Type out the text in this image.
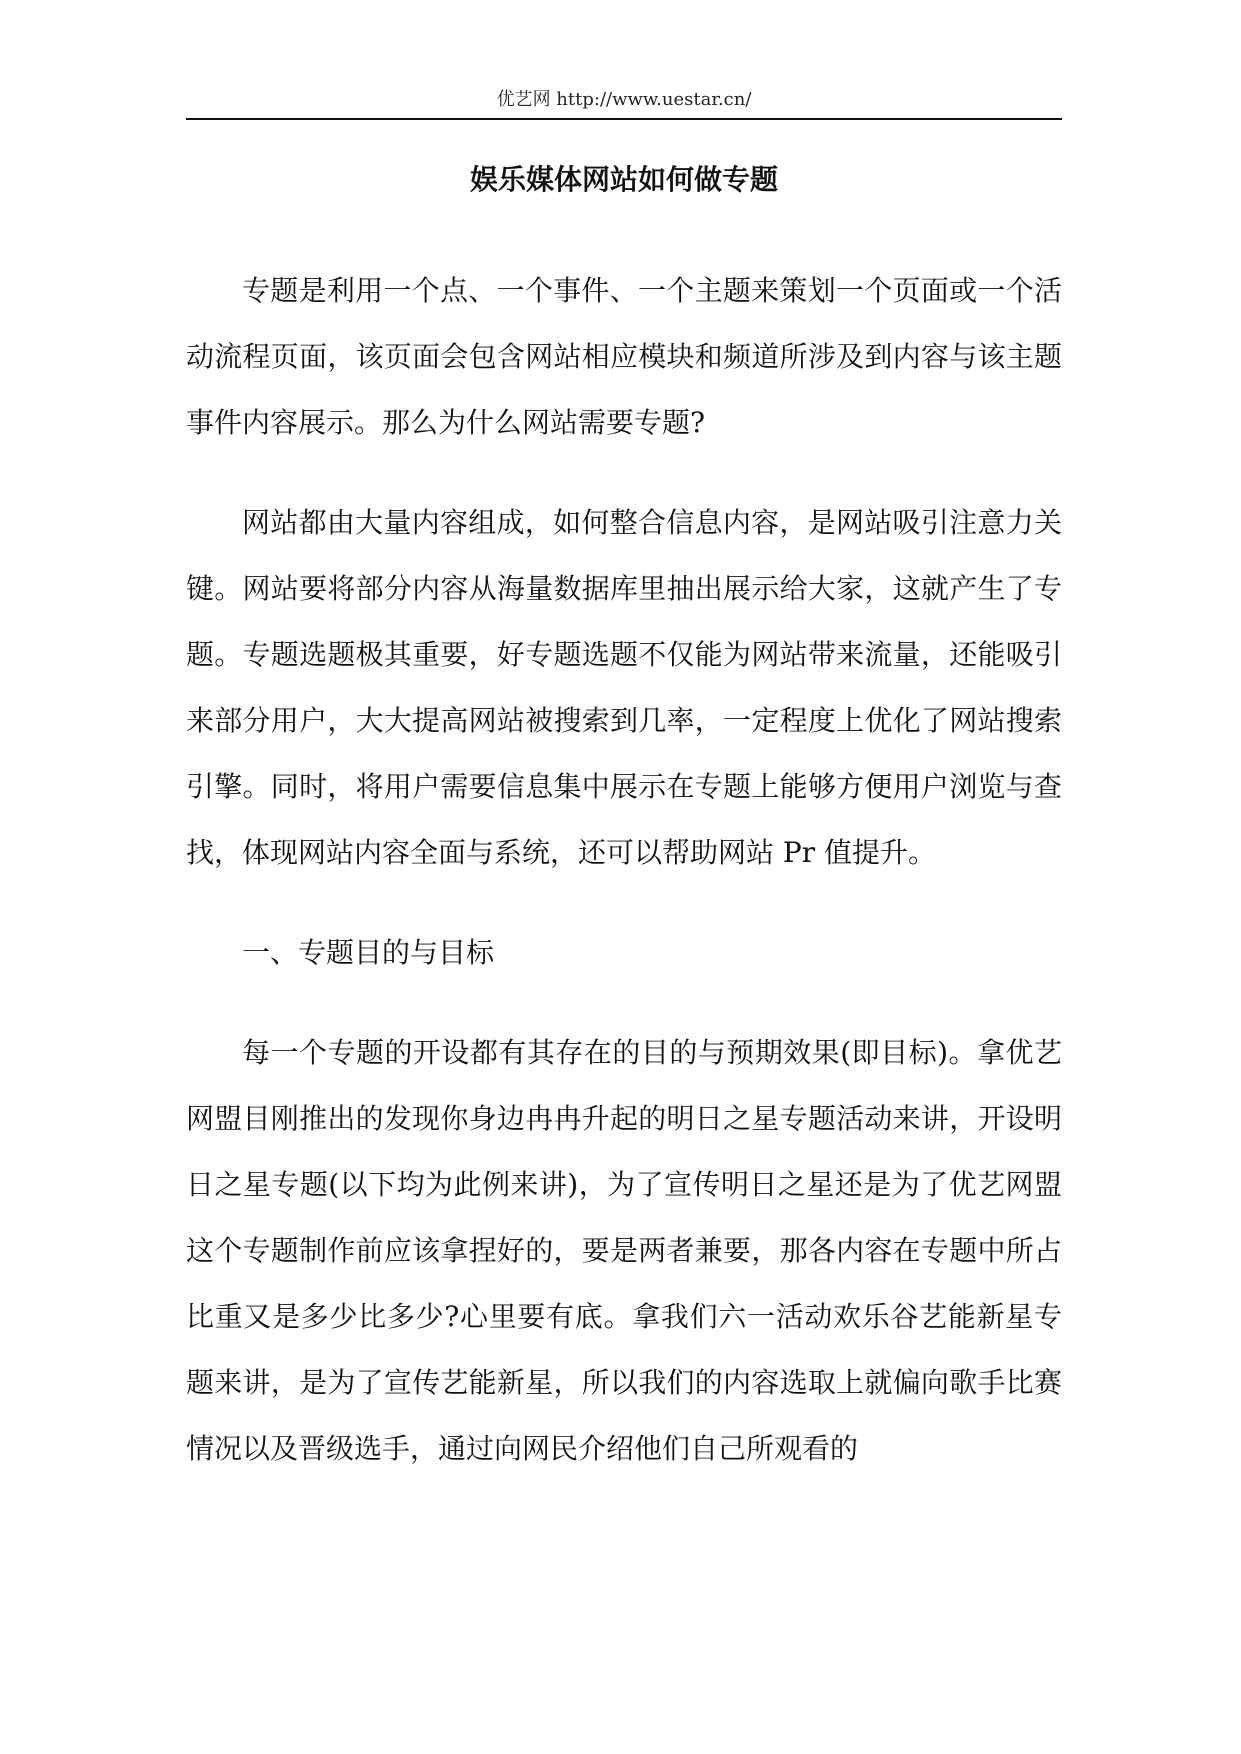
优艺网 http://www.uestar.cn/
娱乐媒体网站如何做专题

专题是利用一个点、一个事件、一个主题来策划一个页面或一个活动流程页面，该页面会包含网站相应模块和频道所涉及到内容与该主题事件内容展示。那么为什么网站需要专题?

网站都由大量内容组成，如何整合信息内容，是网站吸引注意力关键。网站要将部分内容从海量数据库里抽出展示给大家，这就产生了专题。专题选题极其重要，好专题选题不仅能为网站带来流量，还能吸引来部分用户，大大提高网站被搜索到几率，一定程度上优化了网站搜索引擎。同时，将用户需要信息集中展示在专题上能够方便用户浏览与查找，体现网站内容全面与系统，还可以帮助网站 Pr 值提升。

一、专题目的与目标

每一个专题的开设都有其存在的目的与预期效果(即目标)。拿优艺网盟目刚推出的发现你身边冉冉升起的明日之星专题活动来讲，开设明日之星专题(以下均为此例来讲)，为了宣传明日之星还是为了优艺网盟这个专题制作前应该拿捏好的，要是两者兼要，那各内容在专题中所占比重又是多少比多少?心里要有底。拿我们六一活动欢乐谷艺能新星专题来讲，是为了宣传艺能新星，所以我们的内容选取上就偏向歌手比赛情况以及晋级选手，通过向网民介绍他们自己所观看的
